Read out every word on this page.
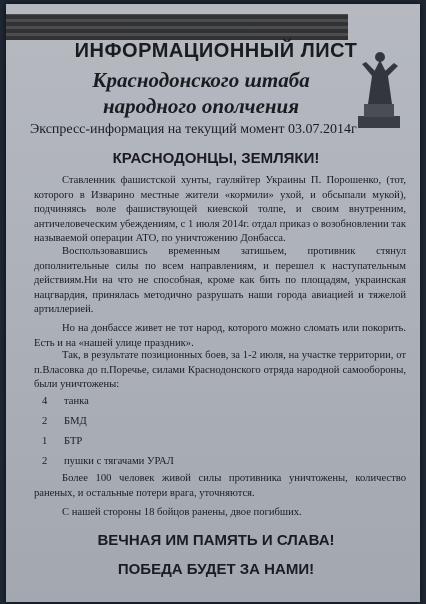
ИНФОРМАЦИОННЫЙ ЛИСТ
Краснодонского штаба
народного ополчения
Экспресс-информация на текущий момент 03.07.2014г
КРАСНОДОНЦЫ, ЗЕМЛЯКИ!
Ставленник фашистской хунты, гауляйтер Украины П. Порошенко, (тот, которого в Изварино местные жители «кормили» ухой, и обсыпали мукой), подчиняясь воле фашиствующей киевской толпе, и своим внутренним, античеловеческим убеждениям, с 1 июля 2014г. отдал приказ о возобновлении так называемой операции АТО, по уничтожению Донбасса.
Воспользовавшись временным затишьем, противник стянул дополнительные силы по всем направлениям, и перешел к наступательным действиям.Ни на что не способная, кроме как бить по площадям, украинская нацгвардия, принялась методично разрушать наши города авиацией и тяжелой артиллерией.
Но на донбассе живет не тот народ, которого можно сломать или покорить. Есть и на «нашей улице праздник».
Так, в результате позиционных боев, за 1-2 июля, на участке территории, от п.Власовка до п.Поречье, силами Краснодонского отряда народной самообороны, были уничтожены:
4 танка
2 БМД
1 БТР
2 пушки с тягачами УРАЛ
Более 100 человек живой силы противника уничтожены, количество раненых, и остальные потери врага, уточняются.
С нашей стороны 18 бойцов ранены, двое погибших.
ВЕЧНАЯ ИМ ПАМЯТЬ И СЛАВА!
ПОБЕДА БУДЕТ ЗА НАМИ!
